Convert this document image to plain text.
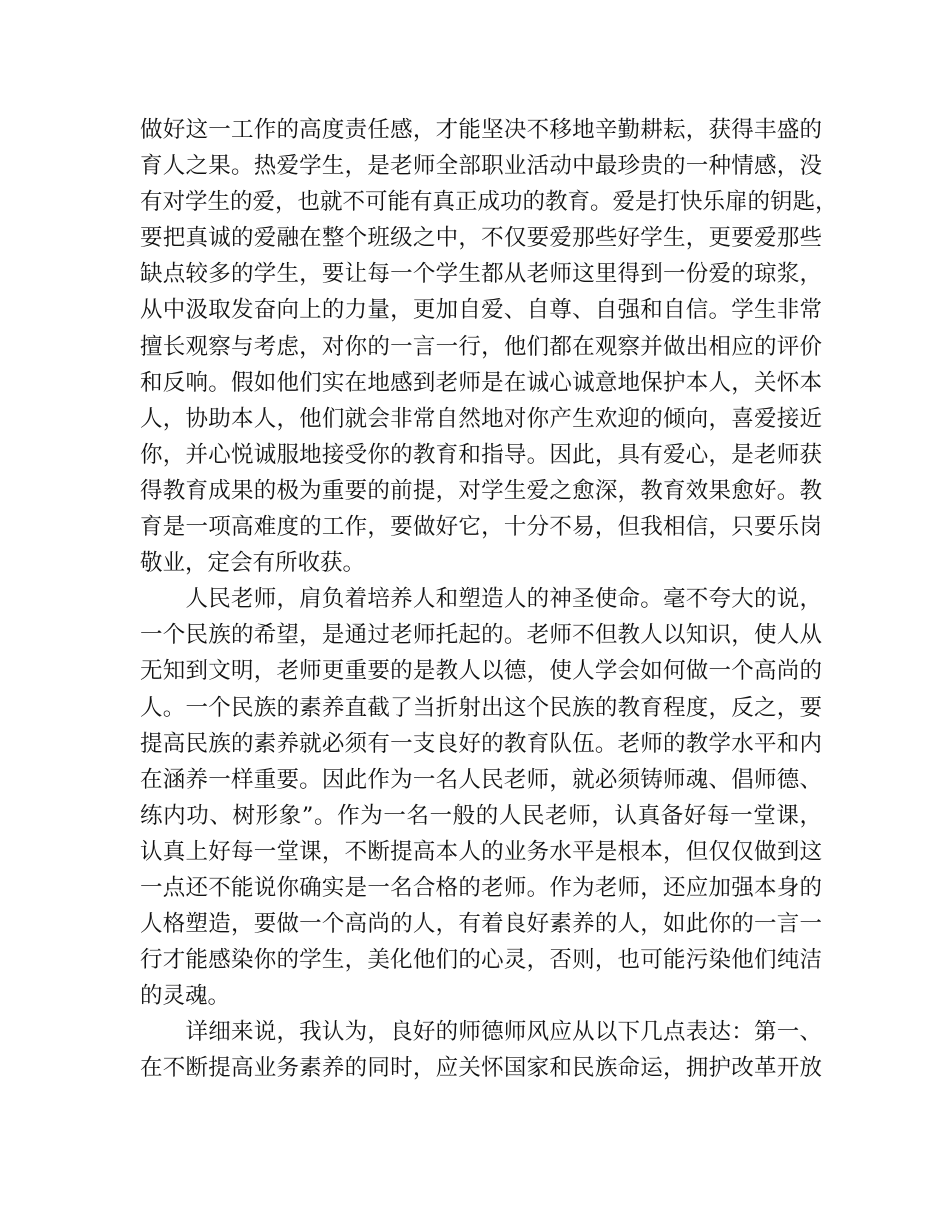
做好这一工作的高度责任感，才能坚决不移地辛勤耕耘，获得丰盛的
育人之果。热爱学生，是老师全部职业活动中最珍贵的一种情感，没
有对学生的爱，也就不可能有真正成功的教育。爱是打快乐扉的钥匙，
要把真诚的爱融在整个班级之中，不仅要爱那些好学生，更要爱那些
缺点较多的学生，要让每一个学生都从老师这里得到一份爱的琼浆，
从中汲取发奋向上的力量，更加自爱、自尊、自强和自信。学生非常
擅长观察与考虑，对你的一言一行，他们都在观察并做出相应的评价
和反响。假如他们实在地感到老师是在诚心诚意地保护本人，关怀本
人，协助本人，他们就会非常自然地对你产生欢迎的倾向，喜爱接近
你，并心悦诚服地接受你的教育和指导。因此，具有爱心，是老师获
得教育成果的极为重要的前提，对学生爱之愈深，教育效果愈好。教
育是一项高难度的工作，要做好它，十分不易，但我相信，只要乐岗
敬业，定会有所收获。
　　人民老师，肩负着培养人和塑造人的神圣使命。毫不夸大的说，
一个民族的希望，是通过老师托起的。老师不但教人以知识，使人从
无知到文明，老师更重要的是教人以德，使人学会如何做一个高尚的
人。一个民族的素养直截了当折射出这个民族的教育程度，反之，要
提高民族的素养就必须有一支良好的教育队伍。老师的教学水平和内
在涵养一样重要。因此作为一名人民老师，就必须铸师魂、倡师德、
练内功、树形象”。作为一名一般的人民老师，认真备好每一堂课，
认真上好每一堂课，不断提高本人的业务水平是根本，但仅仅做到这
一点还不能说你确实是一名合格的老师。作为老师，还应加强本身的
人格塑造，要做一个高尚的人，有着良好素养的人，如此你的一言一
行才能感染你的学生，美化他们的心灵，否则，也可能污染他们纯洁
的灵魂。
　　详细来说，我认为，良好的师德师风应从以下几点表达：第一、
在不断提高业务素养的同时，应关怀国家和民族命运，拥护改革开放
